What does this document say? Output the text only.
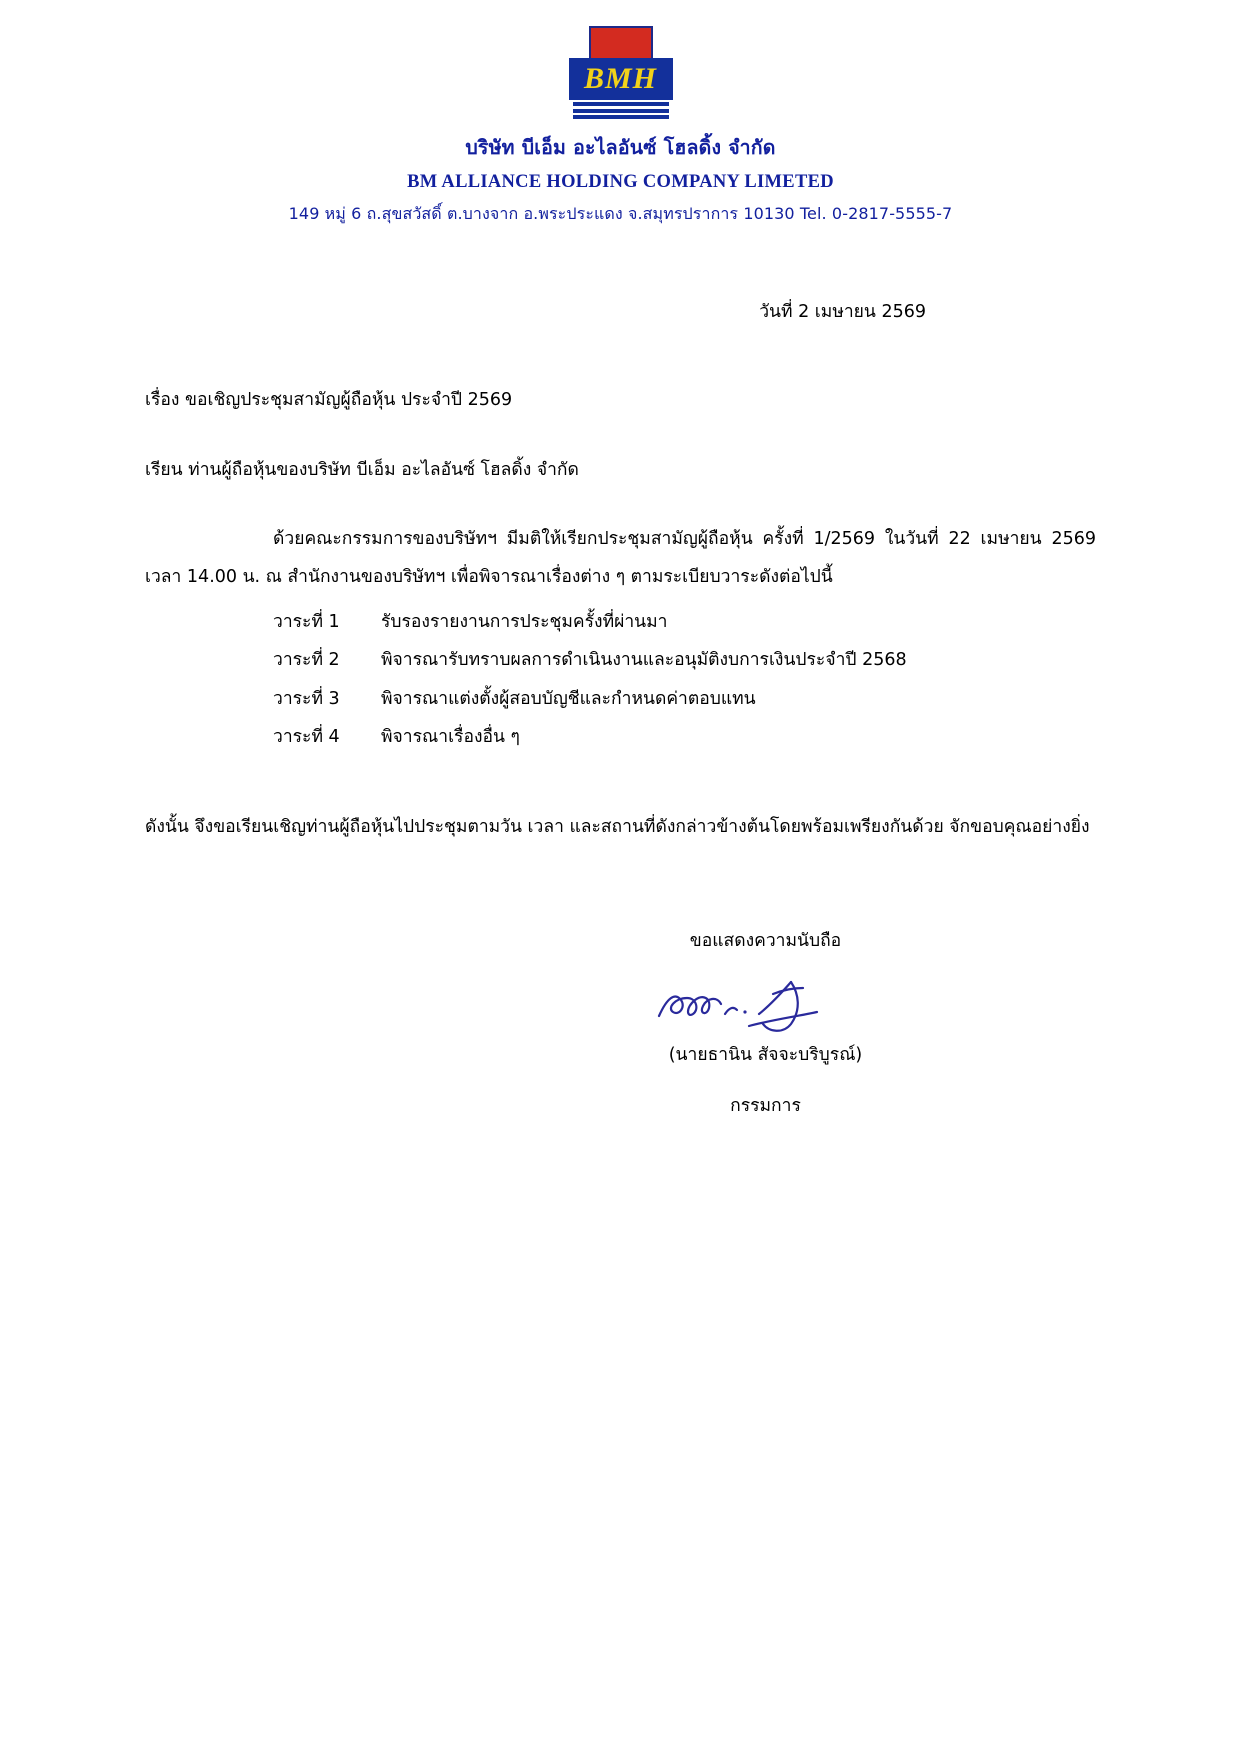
BMH
บริษัท บีเอ็ม อะไลอันซ์ โฮลดิ้ง จำกัด
BM ALLIANCE HOLDING COMPANY LIMETED
149 หมู่ 6 ถ.สุขสวัสดิ์ ต.บางจาก อ.พระประแดง จ.สมุทรปราการ 10130 Tel. 0-2817-5555-7
วันที่ 2 เมษายน 2569
เรื่อง ขอเชิญประชุมสามัญผู้ถือหุ้น ประจำปี 2569
เรียน ท่านผู้ถือหุ้นของบริษัท บีเอ็ม อะไลอันซ์ โฮลดิ้ง จำกัด
ด้วยคณะกรรมการของบริษัทฯ มีมติให้เรียกประชุมสามัญผู้ถือหุ้น ครั้งที่ 1/2569 ในวันที่ 22 เมษายน 2569 เวลา 14.00 น. ณ สำนักงานของบริษัทฯ เพื่อพิจารณาเรื่องต่าง ๆ ตามระเบียบวาระดังต่อไปนี้
วาระที่ 1	รับรองรายงานการประชุมครั้งที่ผ่านมา
วาระที่ 2	พิจารณารับทราบผลการดำเนินงานและอนุมัติงบการเงินประจำปี 2568
วาระที่ 3	พิจารณาแต่งตั้งผู้สอบบัญชีและกำหนดค่าตอบแทน
วาระที่ 4	พิจารณาเรื่องอื่น ๆ
ดังนั้น จึงขอเรียนเชิญท่านผู้ถือหุ้นไปประชุมตามวัน เวลา และสถานที่ดังกล่าวข้างต้นโดยพร้อมเพรียงกันด้วย จักขอบคุณอย่างยิ่ง
ขอแสดงความนับถือ
(นายธานิน สัจจะบริบูรณ์)
กรรมการ
